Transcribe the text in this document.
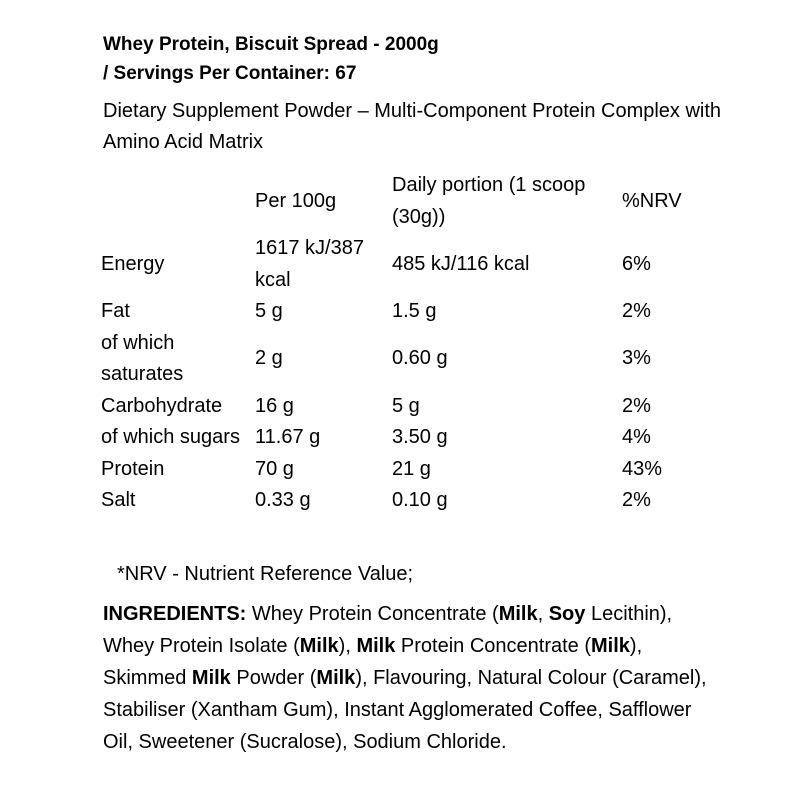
Whey Protein, Biscuit Spread - 2000g
/ Servings Per Container: 67
Dietary Supplement Powder – Multi-Component Protein Complex with Amino Acid Matrix
	Per 100g	Daily portion (1 scoop (30g))	%NRV
Energy	1617 kJ/387 kcal	485 kJ/116 kcal	6%
Fat	5 g	1.5 g	2%
of which saturates	2 g	0.60 g	3%
Carbohydrate	16 g	5 g	2%
of which sugars	11.67 g	3.50 g	4%
Protein	70 g	21 g	43%
Salt	0.33 g	0.10 g	2%
*NRV - Nutrient Reference Value;
INGREDIENTS: Whey Protein Concentrate (Milk, Soy Lecithin), Whey Protein Isolate (Milk), Milk Protein Concentrate (Milk), Skimmed Milk Powder (Milk), Flavouring, Natural Colour (Caramel), Stabiliser (Xantham Gum), Instant Agglomerated Coffee, Safflower Oil, Sweetener (Sucralose), Sodium Chloride.
